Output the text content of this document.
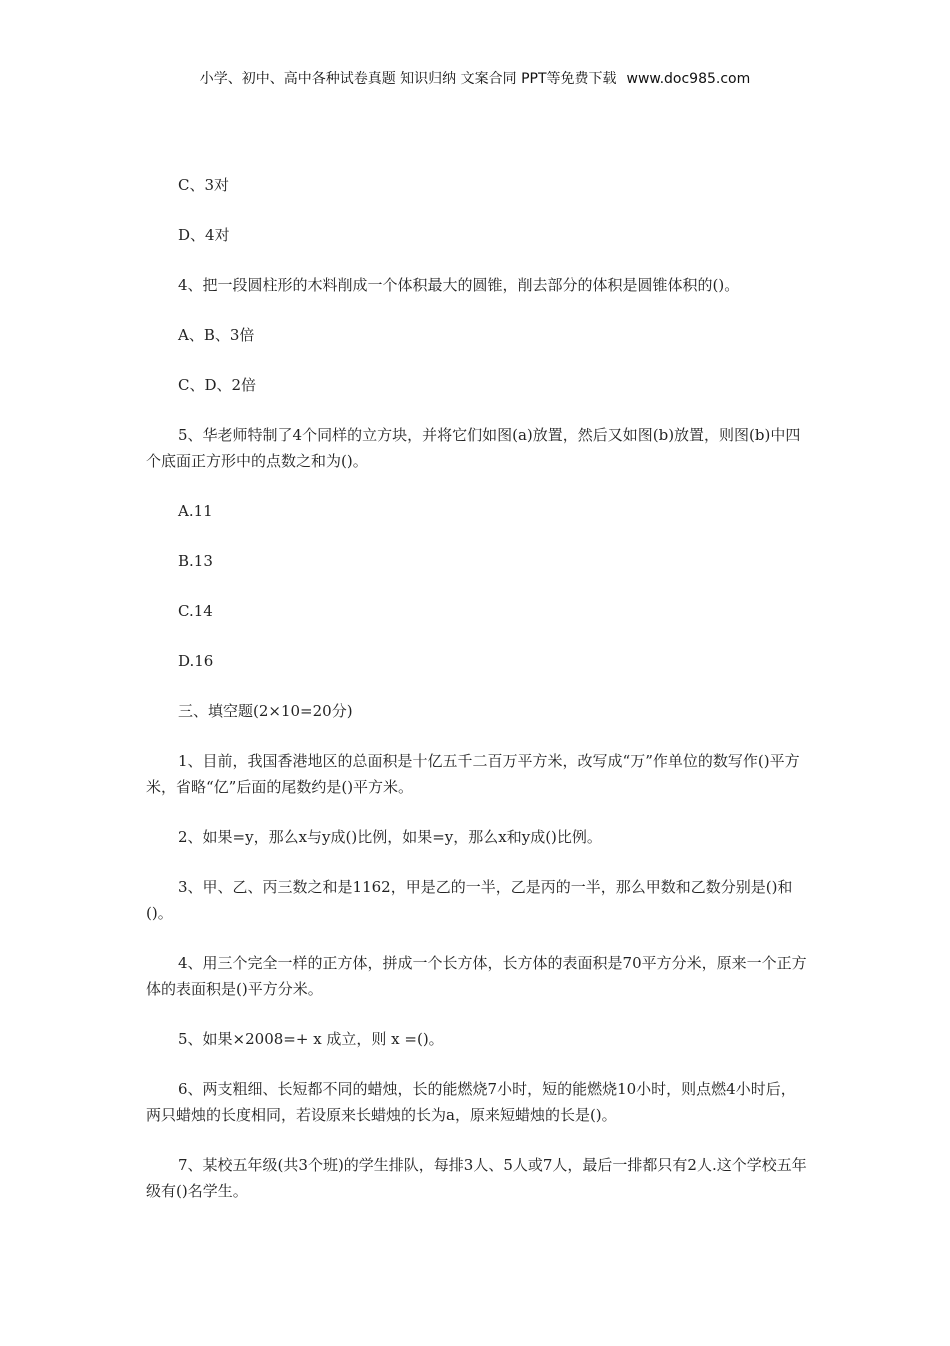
小学、初中、高中各种试卷真题 知识归纳 文案合同 PPT等免费下载 www.doc985.com
C、3对
D、4对
4、把一段圆柱形的木料削成一个体积最大的圆锥，削去部分的体积是圆锥体积的()。
A、B、3倍
C、D、2倍
5、华老师特制了4个同样的立方块，并将它们如图(a)放置，然后又如图(b)放置，则图(b)中四个底面正方形中的点数之和为()。
A.11
B.13
C.14
D.16
三、填空题(2×10=20分)
1、目前，我国香港地区的总面积是十亿五千二百万平方米，改写成“万”作单位的数写作()平方米，省略“亿”后面的尾数约是()平方米。
2、如果=y，那么x与y成()比例，如果=y，那么x和y成()比例。
3、甲、乙、丙三数之和是1162，甲是乙的一半，乙是丙的一半，那么甲数和乙数分别是()和()。
4、用三个完全一样的正方体，拼成一个长方体，长方体的表面积是70平方分米，原来一个正方体的表面积是()平方分米。
5、如果×2008=+ x 成立，则 x =()。
6、两支粗细、长短都不同的蜡烛，长的能燃烧7小时，短的能燃烧10小时，则点燃4小时后，两只蜡烛的长度相同，若设原来长蜡烛的长为a，原来短蜡烛的长是()。
7、某校五年级(共3个班)的学生排队，每排3人、5人或7人，最后一排都只有2人.这个学校五年级有()名学生。
